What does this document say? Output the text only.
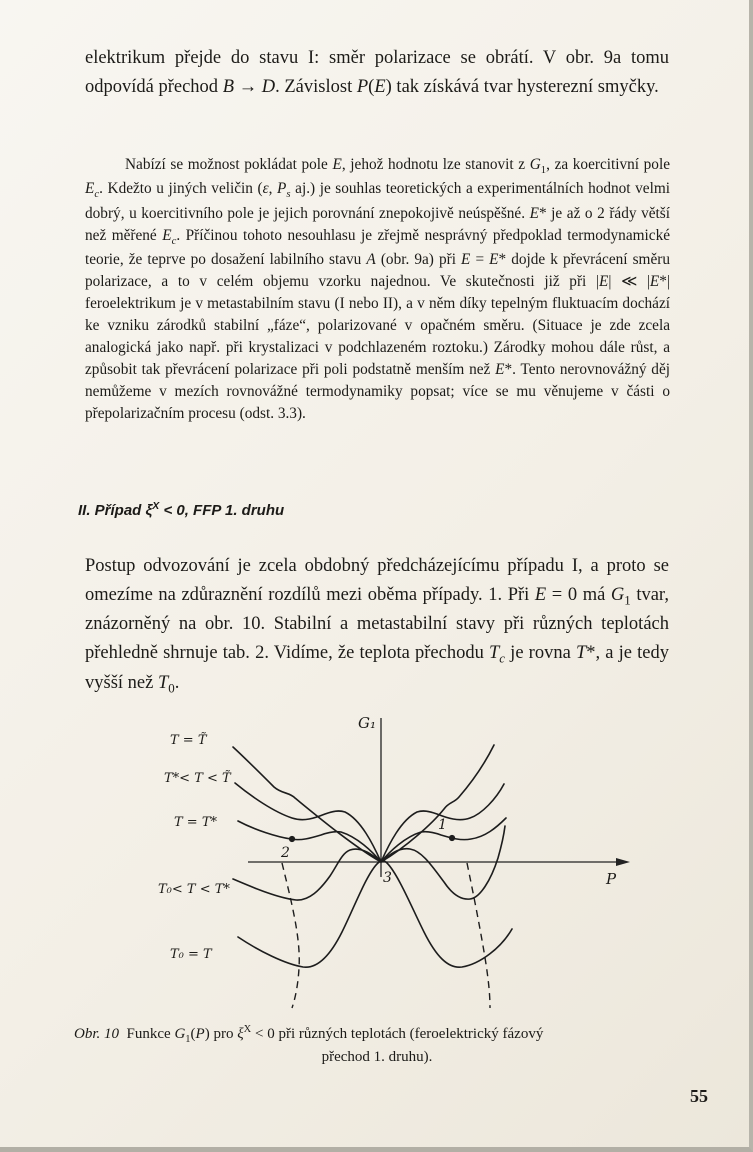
elektrikum přejde do stavu I: směr polarizace se obrátí. V obr. 9a tomu odpovídá přechod B → D. Závislost P(E) tak získává tvar hysterezní smyčky.

Nabízí se možnost pokládat pole E, jehož hodnotu lze stanovit z $G_1$, za koercitivní pole $E_c$. Kdežto u jiných veličin (ε, $P_s$ aj.) je souhlas teoretických a experimentálních hodnot velmi dobrý, u koercitivního pole je jejich porovnání znepokojivě neúspěšné. E* je až o 2 řády větší než měřené $E_c$. Příčinou tohoto nesouhlasu je zřejmě nesprávný předpoklad termodynamické teorie, že teprve po dosažení labilního stavu A (obr. 9a) při E = E* dojde k převrácení směru polarizace, a to v celém objemu vzorku najednou. Ve skutečnosti již při |E| ≪ |E*| feroelektrikum je v metastabilním stavu (I nebo II), a v něm díky tepelným fluktuacím dochází ke vzniku zárodků stabilní „fáze“, polarizované v opačném směru. (Situace je zde zcela analogická jako např. při krystalizaci v podchlazeném roztoku.) Zárodky mohou dále růst, a způsobit tak převrácení polarizace při poli podstatně menším než E*. Tento nerovnovážný děj nemůžeme v mezích rovnovážné termodynamiky popsat; více se mu věnujeme v části o přepolarizačním procesu (odst. 3.3).

II. Případ $\xi^X < 0$, FFP 1. druhu

Postup odvozování je zcela obdobný předcházejícímu případu I, a proto se omezíme na zdůraznění rozdílů mezi oběma případy. 1. Při E = 0 má $G_1$ tvar, znázorněný na obr. 10. Stabilní a metastabilní stavy při různých teplotách přehledně shrnuje tab. 2. Vidíme, že teplota přechodu $T_c$ je rovna T*, a je tedy vyšší než $T_0$.

T = T̃
T*< T < T̃
T = T*
T₀< T < T*
T₀ = T
G₁
P
1
2
3
Obr. 10 Funkce $G_1(P)$ pro $\xi^X < 0$ při různých teplotách (feroelektrický fázový
přechod 1. druhu).
55
